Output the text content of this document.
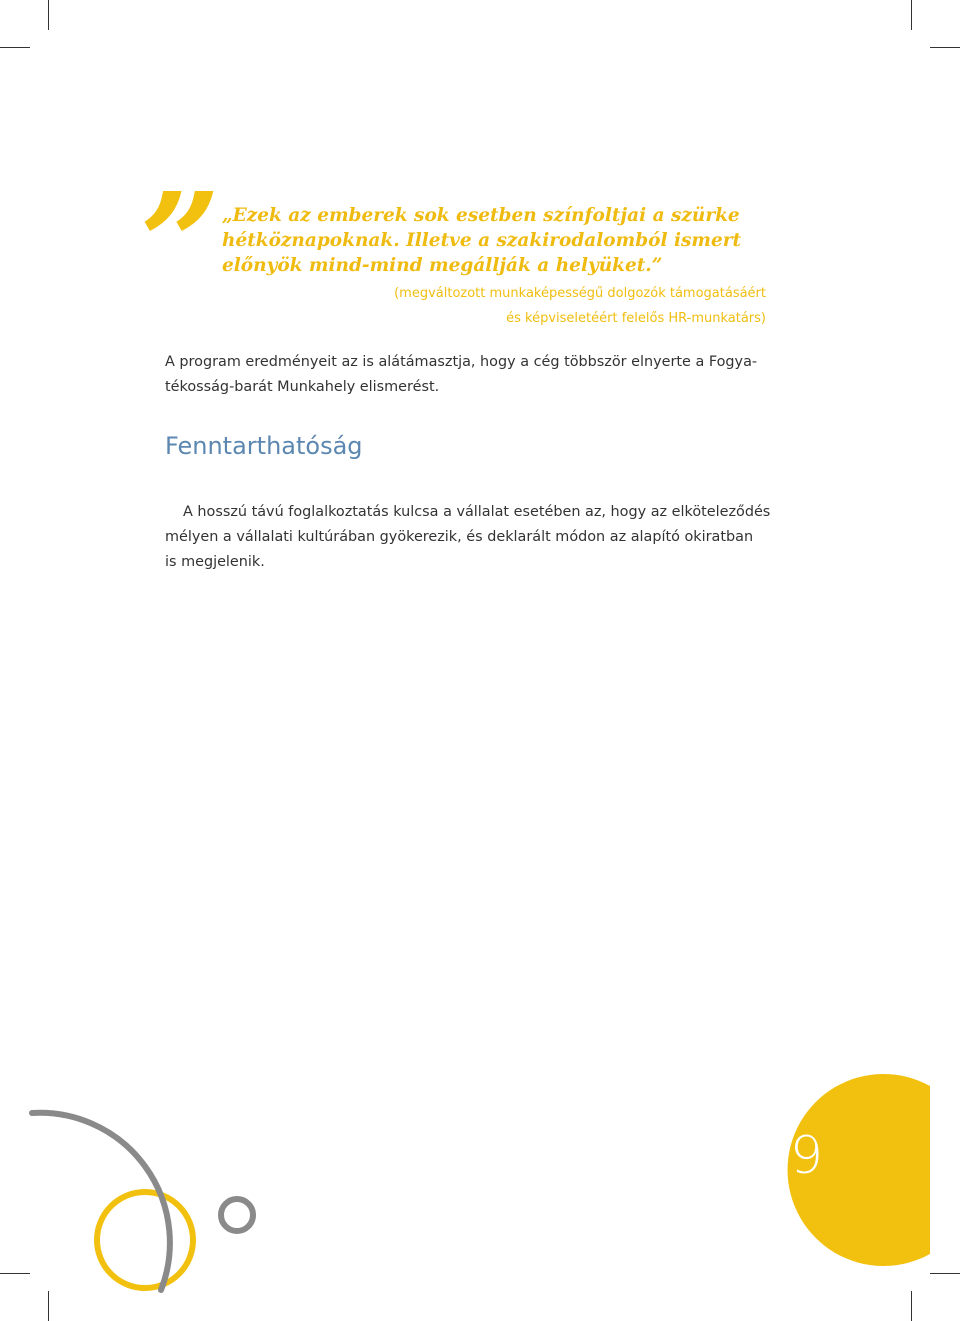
” „Ezek az emberek sok esetben színfoltjai a szürke
hétköznapoknak. Illetve a szakirodalomból ismert
előnyök mind-mind megállják a helyüket.”

(megváltozott munkaképességű dolgozók támogatásáért
és képviseletéért felelős HR-munkatárs)

A program eredményeit az is alátámasztja, hogy a cég többször elnyerte a Fogya-
tékosság-barát Munkahely elismerést.

Fenntarthatóság

A hosszú távú foglalkoztatás kulcsa a vállalat esetében az, hogy az elköteleződés
mélyen a vállalati kultúrában gyökerezik, és deklarált módon az alapító okiratban
is megjelenik.

9
